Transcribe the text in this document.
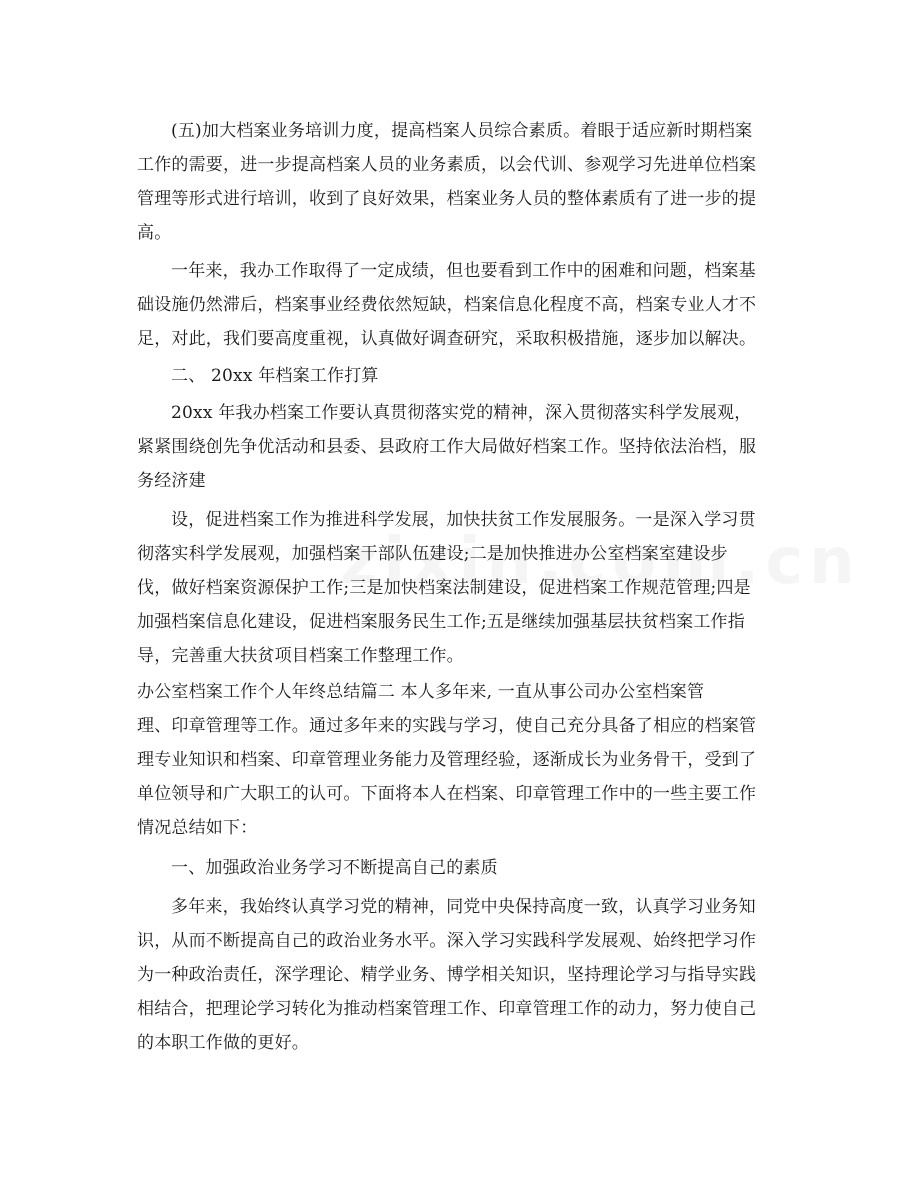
(五)加大档案业务培训力度，提高档案人员综合素质。着眼于适应新时期档案
工作的需要，进一步提高档案人员的业务素质，以会代训、参观学习先进单位档案
管理等形式进行培训，收到了良好效果，档案业务人员的整体素质有了进一步的提
高。
一年来，我办工作取得了一定成绩，但也要看到工作中的困难和问题，档案基
础设施仍然滞后，档案事业经费依然短缺，档案信息化程度不高，档案专业人才不
足，对此，我们要高度重视，认真做好调查研究，采取积极措施，逐步加以解决。
二、 20xx 年档案工作打算
20xx 年我办档案工作要认真贯彻落实党的精神，深入贯彻落实科学发展观，
紧紧围绕创先争优活动和县委、县政府工作大局做好档案工作。坚持依法治档，服
务经济建
设，促进档案工作为推进科学发展，加快扶贫工作发展服务。一是深入学习贯
彻落实科学发展观，加强档案干部队伍建设;二是加快推进办公室档案室建设步
伐，做好档案资源保护工作;三是加快档案法制建设，促进档案工作规范管理;四是
加强档案信息化建设，促进档案服务民生工作;五是继续加强基层扶贫档案工作指
导，完善重大扶贫项目档案工作整理工作。
办公室档案工作个人年终总结篇二 本人多年来, 一直从事公司办公室档案管
理、印章管理等工作。通过多年来的实践与学习，使自己充分具备了相应的档案管
理专业知识和档案、印章管理业务能力及管理经验，逐渐成长为业务骨干，受到了
单位领导和广大职工的认可。下面将本人在档案、印章管理工作中的一些主要工作
情况总结如下：
一、加强政治业务学习不断提高自己的素质
多年来，我始终认真学习党的精神，同党中央保持高度一致，认真学习业务知
识，从而不断提高自己的政治业务水平。深入学习实践科学发展观、始终把学习作
为一种政治责任，深学理论、精学业务、博学相关知识，坚持理论学习与指导实践
相结合，把理论学习转化为推动档案管理工作、印章管理工作的动力，努力使自己
的本职工作做的更好。
